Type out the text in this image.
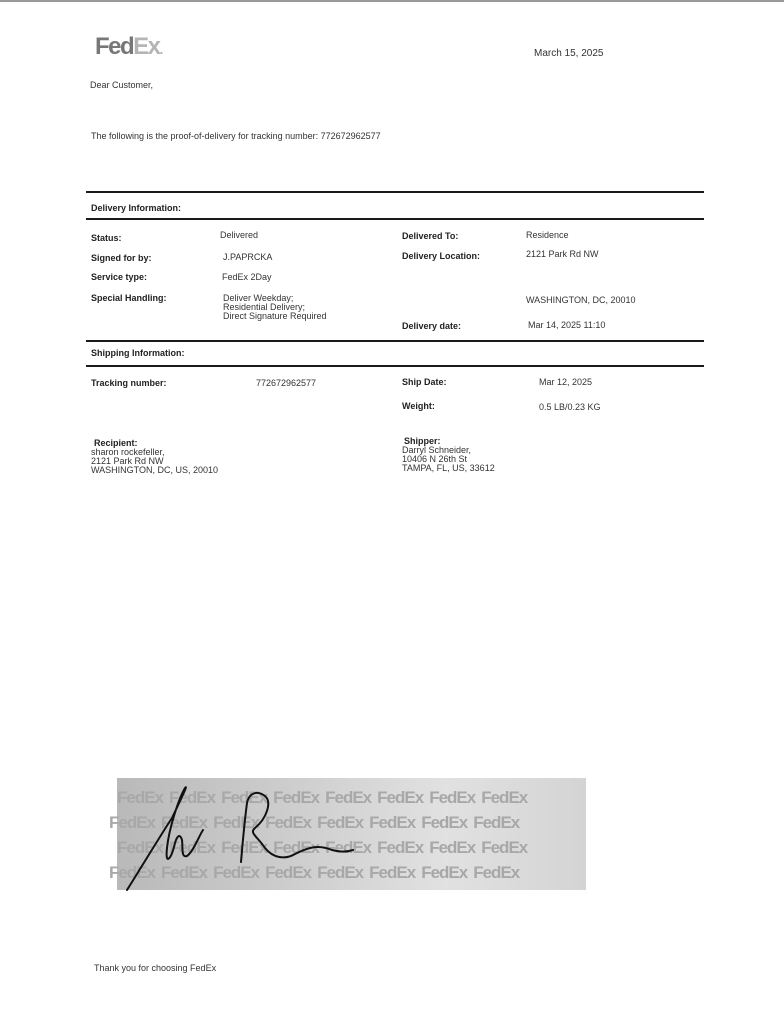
FedEx.	March 15, 2025
Dear Customer,
The following is the proof-of-delivery for tracking number: 772672962577
Delivery Information:
Status:	Delivered
Signed for by:	J.PAPRCKA
Service type:	FedEx 2Day
Special Handling:	Deliver Weekday;
Residential Delivery;
Direct Signature Required
Delivered To:	Residence
Delivery Location:	2121 Park Rd NW
WASHINGTON, DC, 20010
Delivery date:	Mar 14, 2025 11:10
Shipping Information:
Tracking number:	772672962577	Ship Date:	Mar 12, 2025
Weight:	0.5 LB/0.23 KG
Recipient:
sharon rockefeller,
2121 Park Rd NW
WASHINGTON, DC, US, 20010
Shipper:
Darryl Schneider,
10406 N 26th St
TAMPA, FL, US, 33612
FedEx FedEx FedEx FedEx FedEx FedEx FedEx FedEx
FedEx FedEx FedEx FedEx FedEx FedEx FedEx FedEx
FedEx FedEx FedEx FedEx FedEx FedEx FedEx FedEx
FedEx FedEx FedEx FedEx FedEx FedEx FedEx FedEx
Thank you for choosing FedEx
